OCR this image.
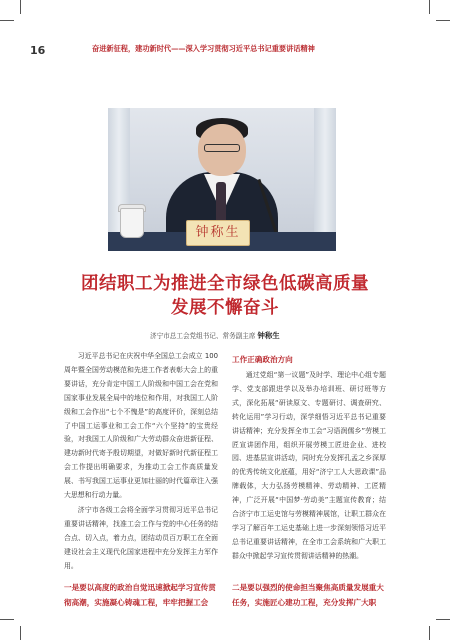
16	奋进新征程，建功新时代——深入学习贯彻习近平总书记重要讲话精神
钟称生
团结职工为推进全市绿色低碳高质量
发展不懈奋斗
济宁市总工会党组书记、常务副主席 钟称生

习近平总书记在庆祝中华全国总工会成立 100 周年暨全国劳动模范和先进工作者表彰大会上的重要讲话，充分肯定中国工人阶级和中国工会在党和国家事业发展全局中的地位和作用，对我国工人阶级和工会作出“七个不愧是”的高度评价，深刻总结了中国工运事业和工会工作“六个坚持”的宝贵经验，对我国工人阶级和广大劳动群众奋进新征程、建功新时代寄予殷切期望，对做好新时代新征程工会工作提出明确要求，为推动工会工作高质量发展、书写我国工运事业更加壮丽的时代篇章注入强大思想和行动力量。

济宁市各级工会将全面学习贯彻习近平总书记重要讲话精神，找准工会工作与党的中心任务的结合点、切入点，着力点，团结动员百万职工在全面建设社会主义现代化国家进程中充分发挥主力军作用。

一是要以高度的政治自觉迅速掀起学习宣传贯彻高潮，实施凝心铸魂工程，牢牢把握工会
工作正确政治方向

通过党组“第一议题”及时学、理论中心组专题学、党支部跟进学以及举办培训班、研讨班等方式，深化拓展“研读原文、专题研讨、调查研究、转化运用”学习行动，深学细悟习近平总书记重要讲话精神；充分发挥全市工会“习语润儒乡”劳模工匠宣讲团作用，组织开展劳模工匠进企业、进校园、进基层宣讲活动，同时充分发挥孔孟之乡深厚的优秀传统文化底蕴，用好“济宁工人大思政课”品牌载体，大力弘扬劳模精神、劳动精神、工匠精神，广泛开展“中国梦·劳动美”主题宣传教育；结合济宁市工运史馆与劳模精神展馆，让职工群众在学习了解百年工运史基础上进一步深刻领悟习近平总书记重要讲话精神，在全市工会系统和广大职工群众中掀起学习宣传贯彻讲话精神的热潮。

二是要以强烈的使命担当聚焦高质量发展重大任务，实施匠心建功工程，充分发挥广大职
